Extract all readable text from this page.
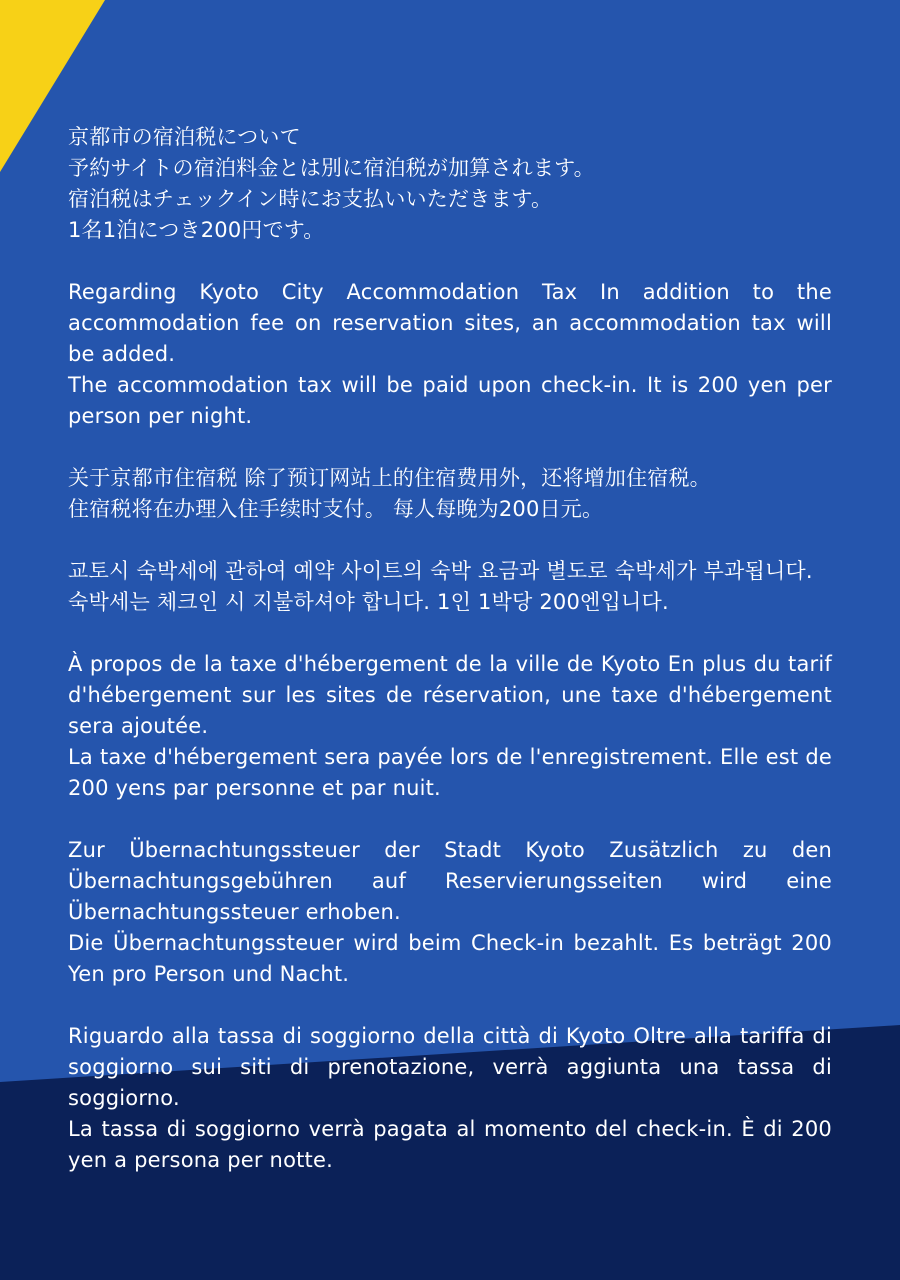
京都市の宿泊税について

予約サイトの宿泊料金とは別に宿泊税が加算されます。

宿泊税はチェックイン時にお支払いいただきます。

1名1泊につき200円です。

Regarding Kyoto City Accommodation Tax In addition to the accommodation fee on reservation sites, an accommodation tax will be added.

The accommodation tax will be paid upon check-in. It is 200 yen per person per night.

关于京都市住宿税 除了预订网站上的住宿费用外，还将增加住宿税。

住宿税将在办理入住手续时支付。 每人每晚为200日元。

교토시 숙박세에 관하여 예약 사이트의 숙박 요금과 별도로 숙박세가 부과됩니다.

숙박세는 체크인 시 지불하셔야 합니다. 1인 1박당 200엔입니다.

À propos de la taxe d'hébergement de la ville de Kyoto En plus du tarif d'hébergement sur les sites de réservation, une taxe d'hébergement sera ajoutée.

La taxe d'hébergement sera payée lors de l'enregistrement. Elle est de 200 yens par personne et par nuit.

Zur Übernachtungssteuer der Stadt Kyoto Zusätzlich zu den Übernachtungsgebühren auf Reservierungsseiten wird eine Übernachtungssteuer erhoben.

Die Übernachtungssteuer wird beim Check-in bezahlt. Es beträgt 200 Yen pro Person und Nacht.

Riguardo alla tassa di soggiorno della città di Kyoto Oltre alla tariffa di soggiorno sui siti di prenotazione, verrà aggiunta una tassa di soggiorno.

La tassa di soggiorno verrà pagata al momento del check-in. È di 200 yen a persona per notte.
